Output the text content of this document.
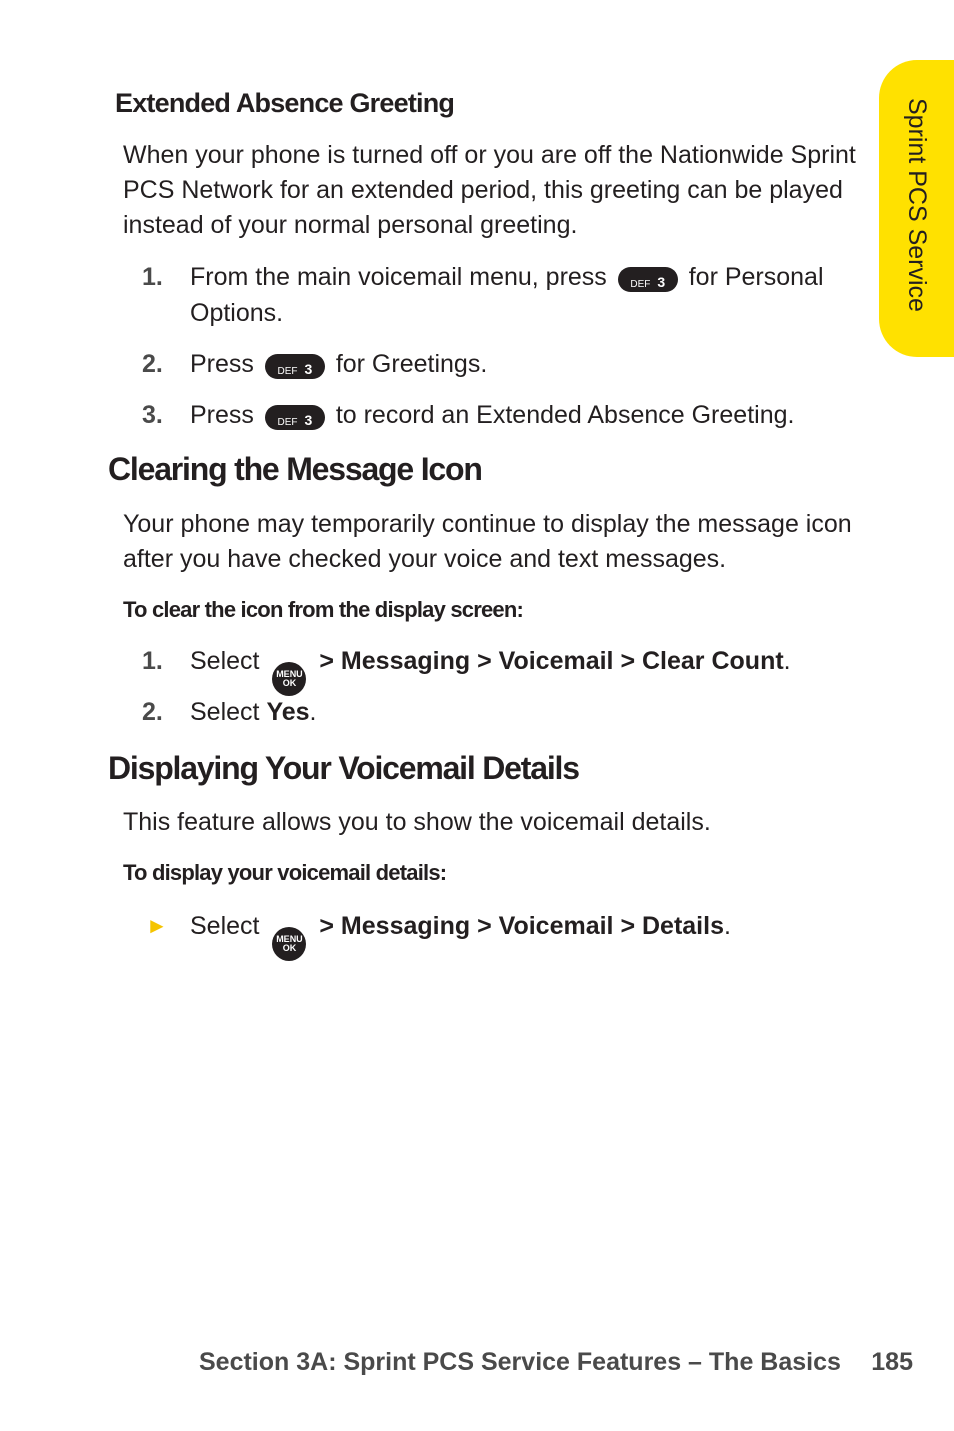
Sprint PCS Service
Extended Absence Greeting

When your phone is turned off or you are off the Nationwide Sprint PCS Network for an extended period, this greeting can be played instead of your normal personal greeting.

1. From the main voicemail menu, press DEF 3 for Personal Options.
2. Press DEF 3 for Greetings.
3. Press DEF 3 to record an Extended Absence Greeting.
Clearing the Message Icon

Your phone may temporarily continue to display the message icon after you have checked your voice and text messages.

To clear the icon from the display screen:
1. Select MENU
OK
> Messaging > Voicemail > Clear Count.
2. Select Yes.
Displaying Your Voicemail Details

This feature allows you to show the voicemail details.

To display your voicemail details:
► Select MENU
OK
> Messaging > Voicemail > Details.
Section 3A: Sprint PCS Service Features – The Basics 185
